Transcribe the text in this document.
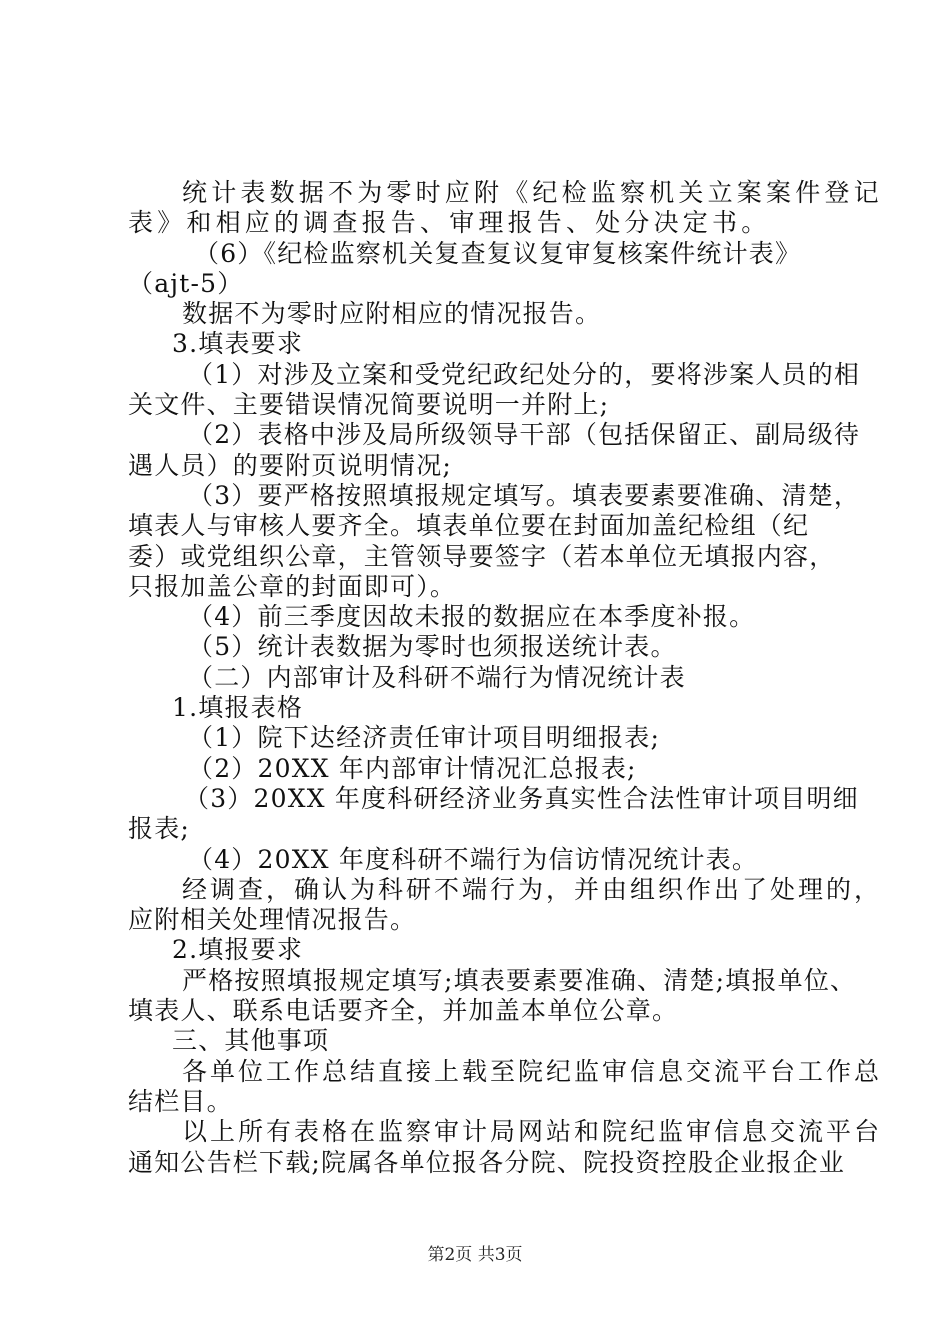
统计表数据不为零时应附《纪检监察机关立案案件登记
表》和相应的调查报告、审理报告、处分决定书。
（6）《纪检监察机关复查复议复审复核案件统计表》
（ajt-5）
数据不为零时应附相应的情况报告。
3.填表要求
（1）对涉及立案和受党纪政纪处分的，要将涉案人员的相
关文件、主要错误情况简要说明一并附上;
（2）表格中涉及局所级领导干部（包括保留正、副局级待
遇人员）的要附页说明情况;
（3）要严格按照填报规定填写。填表要素要准确、清楚，
填表人与审核人要齐全。填表单位要在封面加盖纪检组（纪
委）或党组织公章，主管领导要签字（若本单位无填报内容，
只报加盖公章的封面即可）。
（4）前三季度因故未报的数据应在本季度补报。
（5）统计表数据为零时也须报送统计表。
（二）内部审计及科研不端行为情况统计表
1.填报表格
（1）院下达经济责任审计项目明细报表;
（2）20XX 年内部审计情况汇总报表;
（3）20XX 年度科研经济业务真实性合法性审计项目明细
报表;
（4）20XX 年度科研不端行为信访情况统计表。
经调查，确认为科研不端行为，并由组织作出了处理的，
应附相关处理情况报告。
2.填报要求
严格按照填报规定填写;填表要素要准确、清楚;填报单位、
填表人、联系电话要齐全，并加盖本单位公章。
三、其他事项
各单位工作总结直接上载至院纪监审信息交流平台工作总
结栏目。
以上所有表格在监察审计局网站和院纪监审信息交流平台
通知公告栏下载;院属各单位报各分院、院投资控股企业报企业
第2页 共3页
